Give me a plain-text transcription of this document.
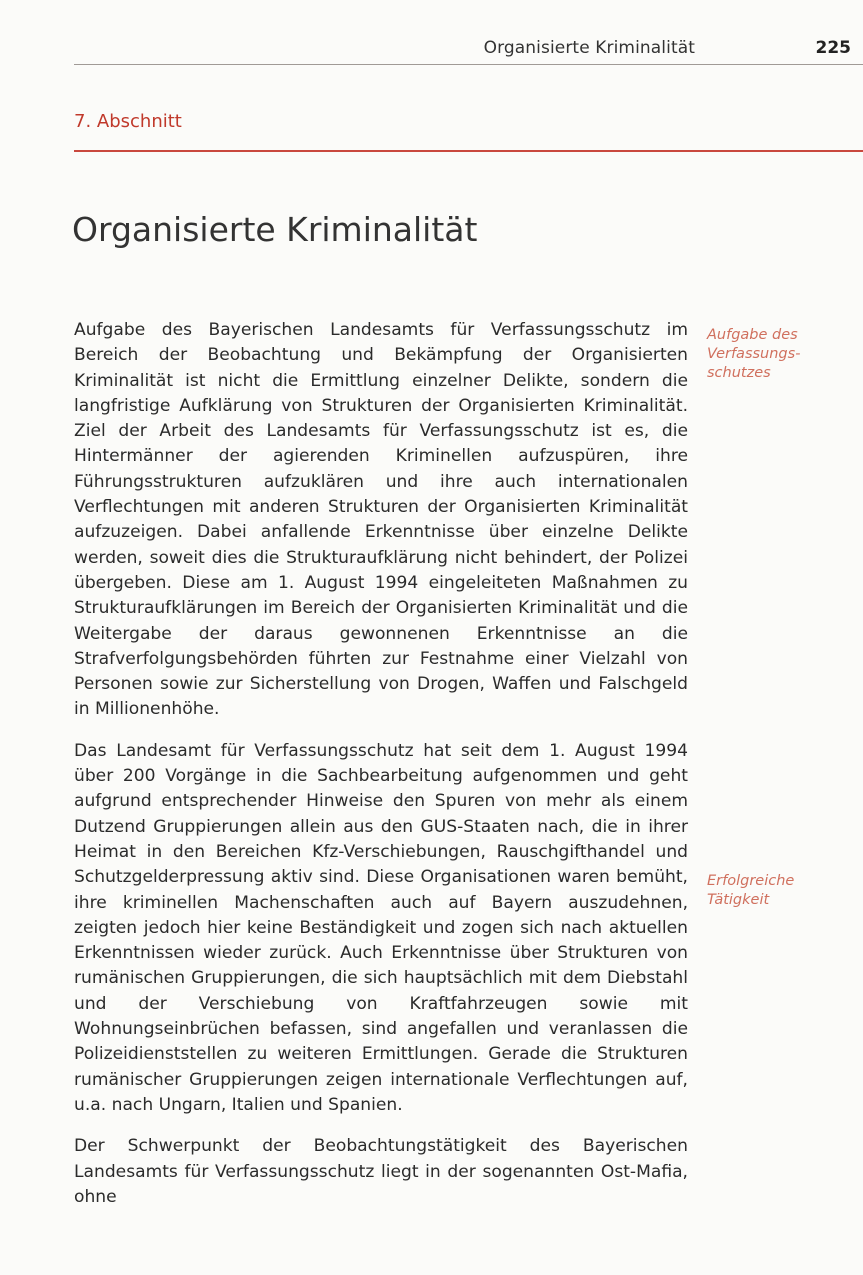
Organisierte Kriminalität	225
7. Abschnitt
Organisierte Kriminalität

Aufgabe des Bayerischen Landesamts für Verfassungsschutz im Bereich der Beobachtung und Bekämpfung der Organisierten Kriminalität ist nicht die Ermittlung einzelner Delikte, sondern die langfristige Aufklärung von Strukturen der Organisierten Kriminalität. Ziel der Arbeit des Landesamts für Verfassungsschutz ist es, die Hintermänner der agierenden Kriminellen aufzuspüren, ihre Führungsstrukturen aufzuklären und ihre auch internationalen Verflechtungen mit anderen Strukturen der Organisierten Kriminalität aufzuzeigen. Dabei anfallende Erkenntnisse über einzelne Delikte werden, soweit dies die Strukturaufklärung nicht behindert, der Polizei übergeben. Diese am 1. August 1994 eingeleiteten Maßnahmen zu Strukturaufklärungen im Bereich der Organisierten Kriminalität und die Weitergabe der daraus gewonnenen Erkenntnisse an die Strafverfolgungsbehörden führten zur Festnahme einer Vielzahl von Personen sowie zur Sicherstellung von Drogen, Waffen und Falschgeld in Millionenhöhe.

Das Landesamt für Verfassungsschutz hat seit dem 1. August 1994 über 200 Vorgänge in die Sachbearbeitung aufgenommen und geht aufgrund entsprechender Hinweise den Spuren von mehr als einem Dutzend Gruppierungen allein aus den GUS-Staaten nach, die in ihrer Heimat in den Bereichen Kfz-Verschiebungen, Rauschgifthandel und Schutzgelderpressung aktiv sind. Diese Organisationen waren bemüht, ihre kriminellen Machenschaften auch auf Bayern auszudehnen, zeigten jedoch hier keine Beständigkeit und zogen sich nach aktuellen Erkenntnissen wieder zurück. Auch Erkenntnisse über Strukturen von rumänischen Gruppierungen, die sich hauptsächlich mit dem Diebstahl und der Verschiebung von Kraftfahrzeugen sowie mit Wohnungseinbrüchen befassen, sind angefallen und veranlassen die Polizeidienststellen zu weiteren Ermittlungen. Gerade die Strukturen rumänischer Gruppierungen zeigen internationale Verflechtungen auf, u.a. nach Ungarn, Italien und Spanien.

Der Schwerpunkt der Beobachtungstätigkeit des Bayerischen Landesamts für Verfassungsschutz liegt in der sogenannten Ost-Mafia, ohne

Aufgabe des Verfassungs-schutzes
Erfolgreiche Tätigkeit
